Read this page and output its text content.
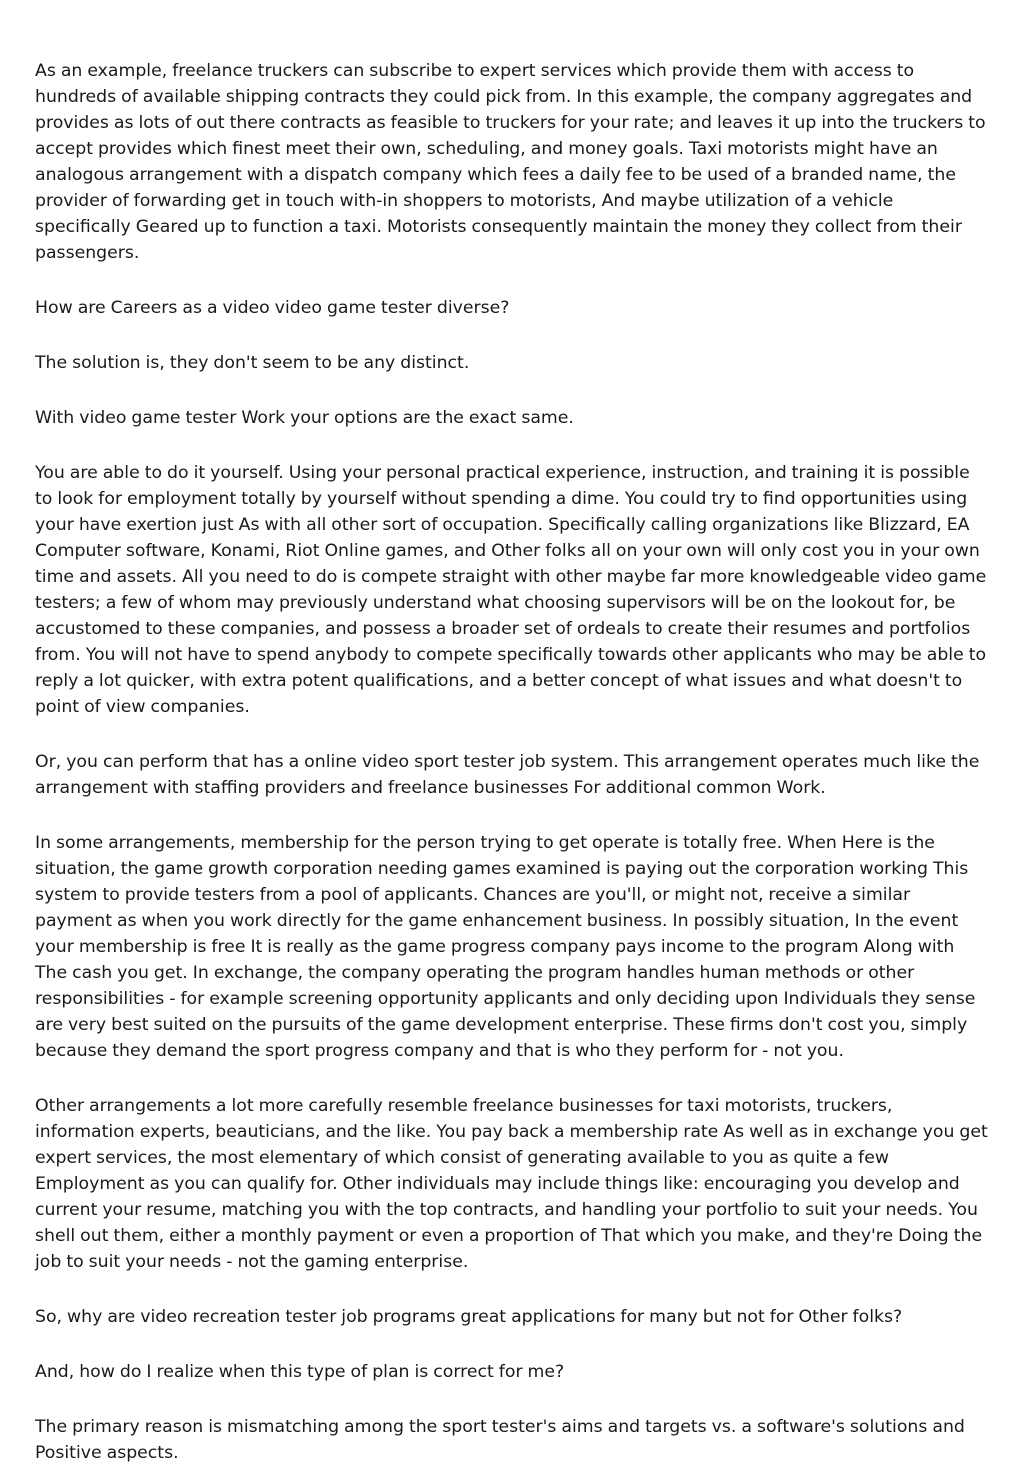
As an example, freelance truckers can subscribe to expert services which provide them with access to hundreds of available shipping contracts they could pick from. In this example, the company aggregates and provides as lots of out there contracts as feasible to truckers for your rate; and leaves it up into the truckers to accept provides which finest meet their own, scheduling, and money goals. Taxi motorists might have an analogous arrangement with a dispatch company which fees a daily fee to be used of a branded name, the provider of forwarding get in touch with-in shoppers to motorists, And maybe utilization of a vehicle specifically Geared up to function a taxi. Motorists consequently maintain the money they collect from their passengers.

How are Careers as a video video game tester diverse?

The solution is, they don't seem to be any distinct.

With video game tester Work your options are the exact same.

You are able to do it yourself. Using your personal practical experience, instruction, and training it is possible to look for employment totally by yourself without spending a dime. You could try to find opportunities using your have exertion just As with all other sort of occupation. Specifically calling organizations like Blizzard, EA Computer software, Konami, Riot Online games, and Other folks all on your own will only cost you in your own time and assets. All you need to do is compete straight with other maybe far more knowledgeable video game testers; a few of whom may previously understand what choosing supervisors will be on the lookout for, be accustomed to these companies, and possess a broader set of ordeals to create their resumes and portfolios from. You will not have to spend anybody to compete specifically towards other applicants who may be able to reply a lot quicker, with extra potent qualifications, and a better concept of what issues and what doesn't to point of view companies.

Or, you can perform that has a online video sport tester job system. This arrangement operates much like the arrangement with staffing providers and freelance businesses For additional common Work.

In some arrangements, membership for the person trying to get operate is totally free. When Here is the situation, the game growth corporation needing games examined is paying out the corporation working This system to provide testers from a pool of applicants. Chances are you'll, or might not, receive a similar payment as when you work directly for the game enhancement business. In possibly situation, In the event your membership is free It is really as the game progress company pays income to the program Along with The cash you get. In exchange, the company operating the program handles human methods or other responsibilities - for example screening opportunity applicants and only deciding upon Individuals they sense are very best suited on the pursuits of the game development enterprise. These firms don't cost you, simply because they demand the sport progress company and that is who they perform for - not you.

Other arrangements a lot more carefully resemble freelance businesses for taxi motorists, truckers, information experts, beauticians, and the like. You pay back a membership rate As well as in exchange you get expert services, the most elementary of which consist of generating available to you as quite a few Employment as you can qualify for. Other individuals may include things like: encouraging you develop and current your resume, matching you with the top contracts, and handling your portfolio to suit your needs. You shell out them, either a monthly payment or even a proportion of That which you make, and they're Doing the job to suit your needs - not the gaming enterprise.

So, why are video recreation tester job programs great applications for many but not for Other folks?

And, how do I realize when this type of plan is correct for me?

The primary reason is mismatching among the sport tester's aims and targets vs. a software's solutions and Positive aspects.
